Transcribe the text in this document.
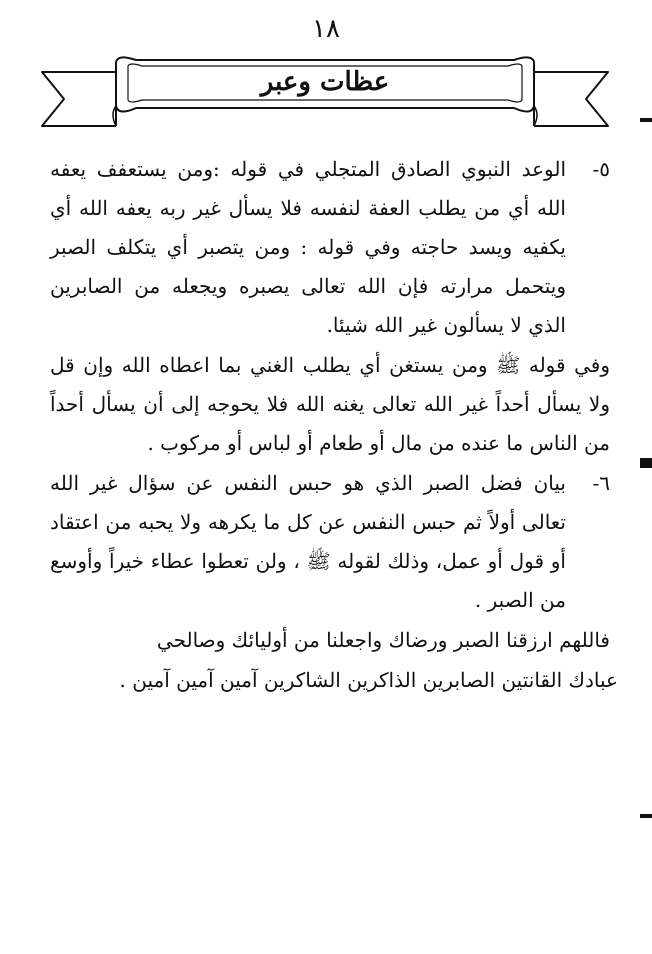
١٨
عظات وعبر
٥-
الوعد النبوي الصادق المتجلي في قوله :ومن يستعفف يعفه الله أي من يطلب العفة لنفسه فلا يسأل غير ربه يعفه الله أي يكفيه ويسد حاجته وفي قوله : ومن يتصبر أي يتكلف الصبر ويتحمل مرارته فإن الله تعالى يصبره ويجعله من الصابرين الذي لا يسألون غير الله شيئا.

وفي قوله ﷺ ومن يستغن أي يطلب الغني بما اعطاه الله وإن قل ولا يسأل أحداً غير الله تعالى يغنه الله فلا يحوجه إلى أن يسأل أحداً من الناس ما عنده من مال أو طعام أو لباس أو مركوب .

٦-
بيان فضل الصبر الذي هو حبس النفس عن سؤال غير الله تعالى أولاً ثم حبس النفس عن كل ما يكرهه ولا يحبه من اعتقاد أو قول أو عمل، وذلك لقوله ﷺ ، ولن تعطوا عطاء خيراً وأوسع من الصبر .

فاللهم ارزقنا الصبر ورضاك واجعلنا من أوليائك وصالحي

عبادك القانتين الصابرين الذاكرين الشاكرين آمين آمين آمين .
